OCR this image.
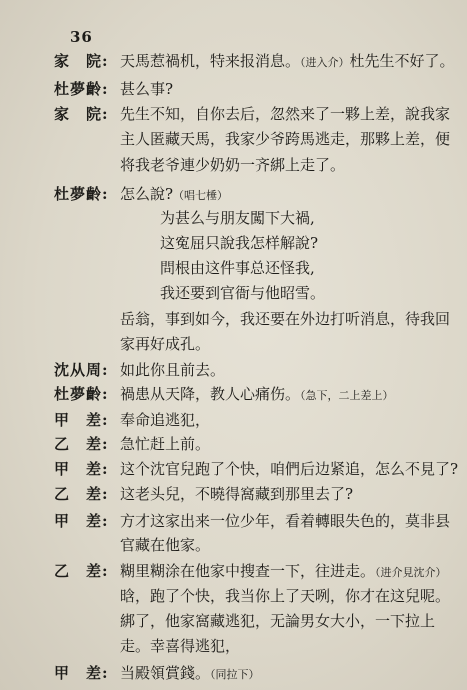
36
家　院: 天馬惹禍机，特来报消息。（进入介）杜先生不好了。
杜夢齡: 甚么事?
家　院: 先生不知，自你去后，忽然来了一夥上差，說我家
主人匿藏天馬，我家少爷跨馬逃走，那夥上差，便
将我老爷連少奶奶一齐綁上走了。
杜夢齡: 怎么說?（唱七棰）
为甚么与朋友闖下大禍,
这寃屈只說我怎样解說?
問根由这件事总还怪我,
我还要到官衙与他昭雪。
岳翁，事到如今，我还要在外边打听消息，待我回
家再好成孔。
沈从周: 如此你且前去。
杜夢齡: 禍患从天降，教人心痛伤。（急下，二上差上）
甲　差: 奉命追逃犯，
乙　差: 急忙赶上前。
甲　差: 这个沈官兒跑了个快，咱們后边紧追，怎么不見了?
乙　差: 这老头兒，不曉得窩藏到那里去了?
甲　差: 方才这家出来一位少年，看着轉眼失色的，莫非县
官藏在他家。
乙　差: 糊里糊涂在他家中搜查一下，往进走。（进介見沈介）
晗，跑了个快，我当你上了天咧，你才在这兒呢。
綁了，他家窩藏逃犯，无論男女大小，一下拉上
走。幸喜得逃犯，
甲　差: 当殿領賞錢。（同拉下）
